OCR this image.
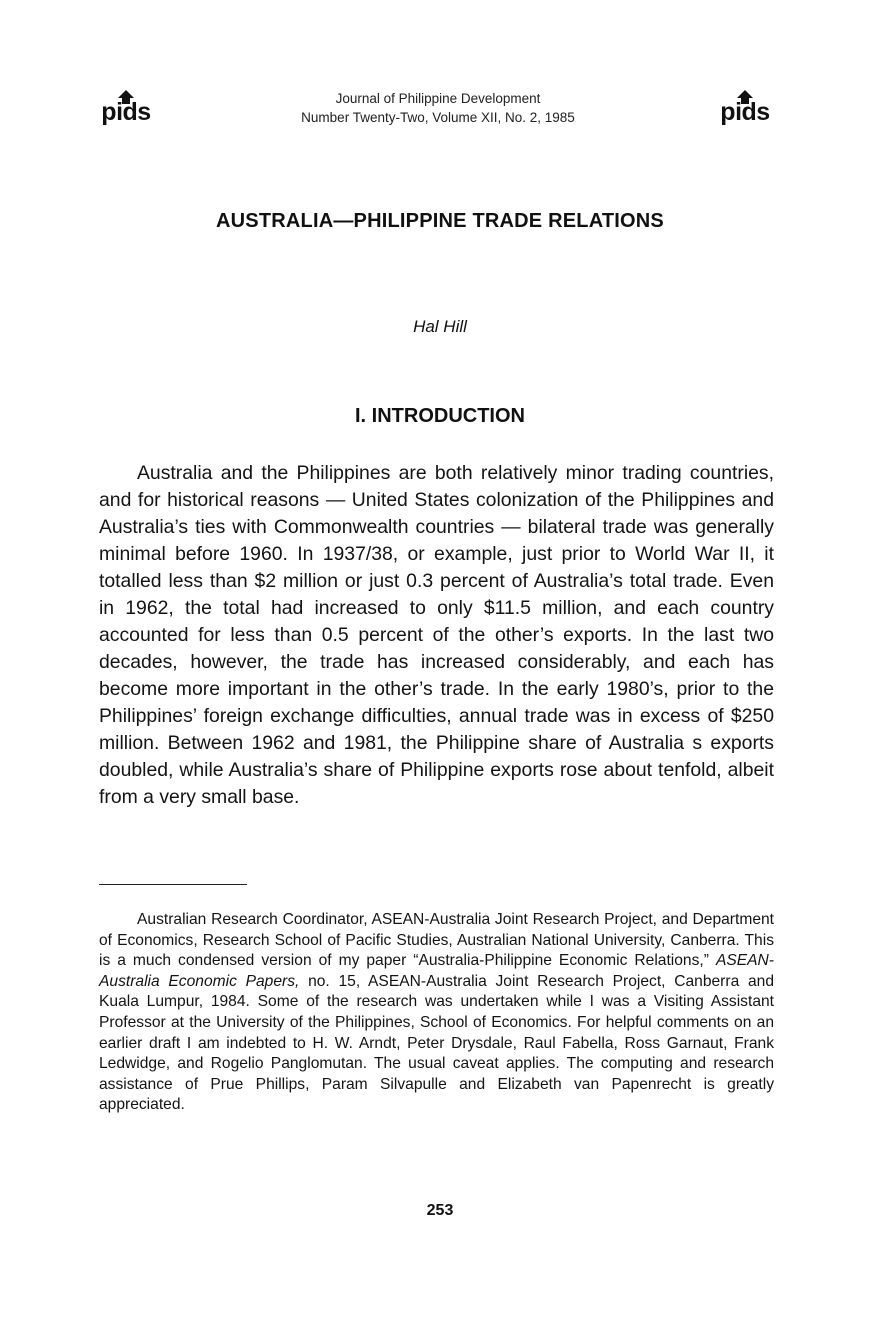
pids	Journal of Philippine Development
Number Twenty-Two, Volume XII, No. 2, 1985	pids
AUSTRALIA—PHILIPPINE TRADE RELATIONS
Hal Hill
I. INTRODUCTION

Australia and the Philippines are both relatively minor trading countries, and for historical reasons — United States colonization of the Philippines and Australia’s ties with Commonwealth countries — bilateral trade was generally minimal before 1960. In 1937/38, or example, just prior to World War II, it totalled less than $2 million or just 0.3 percent of Australia’s total trade. Even in 1962, the total had increased to only $11.5 million, and each country accounted for less than 0.5 percent of the other’s exports. In the last two decades, however, the trade has increased considerably, and each has become more important in the other’s trade. In the early 1980’s, prior to the Philippines’ foreign exchange difficulties, annual trade was in excess of $250 million. Between 1962 and 1981, the Philippine share of Australia s exports doubled, while Australia’s share of Philippine exports rose about tenfold, albeit from a very small base.

Australian Research Coordinator, ASEAN-Australia Joint Research Project, and Department of Economics, Research School of Pacific Studies, Australian National University, Canberra. This is a much condensed version of my paper “Australia-Philippine Economic Relations,” ASEAN-Australia Economic Papers, no. 15, ASEAN-Australia Joint Research Project, Canberra and Kuala Lumpur, 1984. Some of the research was undertaken while I was a Visiting Assistant Professor at the University of the Philippines, School of Economics. For helpful comments on an earlier draft I am indebted to H. W. Arndt, Peter Drysdale, Raul Fabella, Ross Garnaut, Frank Ledwidge, and Rogelio Panglomutan. The usual caveat applies. The computing and research assistance of Prue Phillips, Param Silvapulle and Elizabeth van Papenrecht is greatly appreciated.

253
